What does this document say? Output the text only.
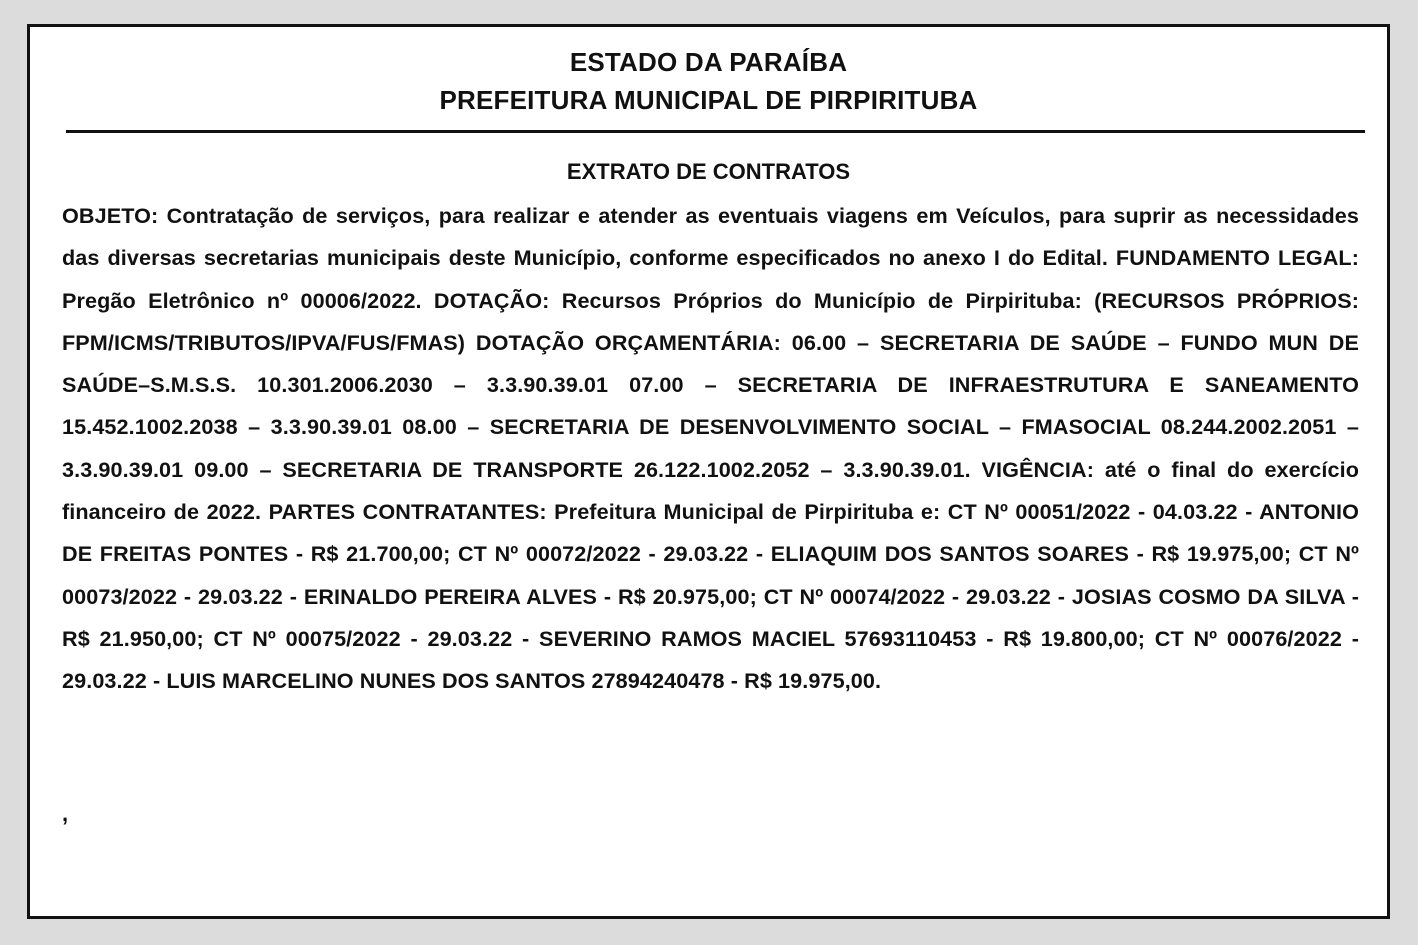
ESTADO DA PARAÍBA
PREFEITURA MUNICIPAL DE PIRPIRITUBA
EXTRATO DE CONTRATOS

OBJETO: Contratação de serviços, para realizar e atender as eventuais viagens em Veículos, para suprir as necessidades das diversas secretarias municipais deste Município, conforme especificados no anexo I do Edital. FUNDAMENTO LEGAL: Pregão Eletrônico nº 00006/2022. DOTAÇÃO: Recursos Próprios do Município de Pirpirituba: (RECURSOS PRÓPRIOS: FPM/ICMS/TRIBUTOS/IPVA/FUS/FMAS) DOTAÇÃO ORÇAMENTÁRIA: 06.00 – SECRETARIA DE SAÚDE – FUNDO MUN DE SAÚDE–S.M.S.S. 10.301.2006.2030 – 3.3.90.39.01 07.00 – SECRETARIA DE INFRAESTRUTURA E SANEAMENTO 15.452.1002.2038 – 3.3.90.39.01 08.00 – SECRETARIA DE DESENVOLVIMENTO SOCIAL – FMASOCIAL 08.244.2002.2051 – 3.3.90.39.01 09.00 – SECRETARIA DE TRANSPORTE 26.122.1002.2052 – 3.3.90.39.01. VIGÊNCIA: até o final do exercício financeiro de 2022. PARTES CONTRATANTES: Prefeitura Municipal de Pirpirituba e: CT Nº 00051/2022 - 04.03.22 - ANTONIO DE FREITAS PONTES - R$ 21.700,00; CT Nº 00072/2022 - 29.03.22 - ELIAQUIM DOS SANTOS SOARES - R$ 19.975,00; CT Nº 00073/2022 - 29.03.22 - ERINALDO PEREIRA ALVES - R$ 20.975,00; CT Nº 00074/2022 - 29.03.22 - JOSIAS COSMO DA SILVA - R$ 21.950,00; CT Nº 00075/2022 - 29.03.22 - SEVERINO RAMOS MACIEL 57693110453 - R$ 19.800,00; CT Nº 00076/2022 - 29.03.22 - LUIS MARCELINO NUNES DOS SANTOS 27894240478 - R$ 19.975,00.

,
